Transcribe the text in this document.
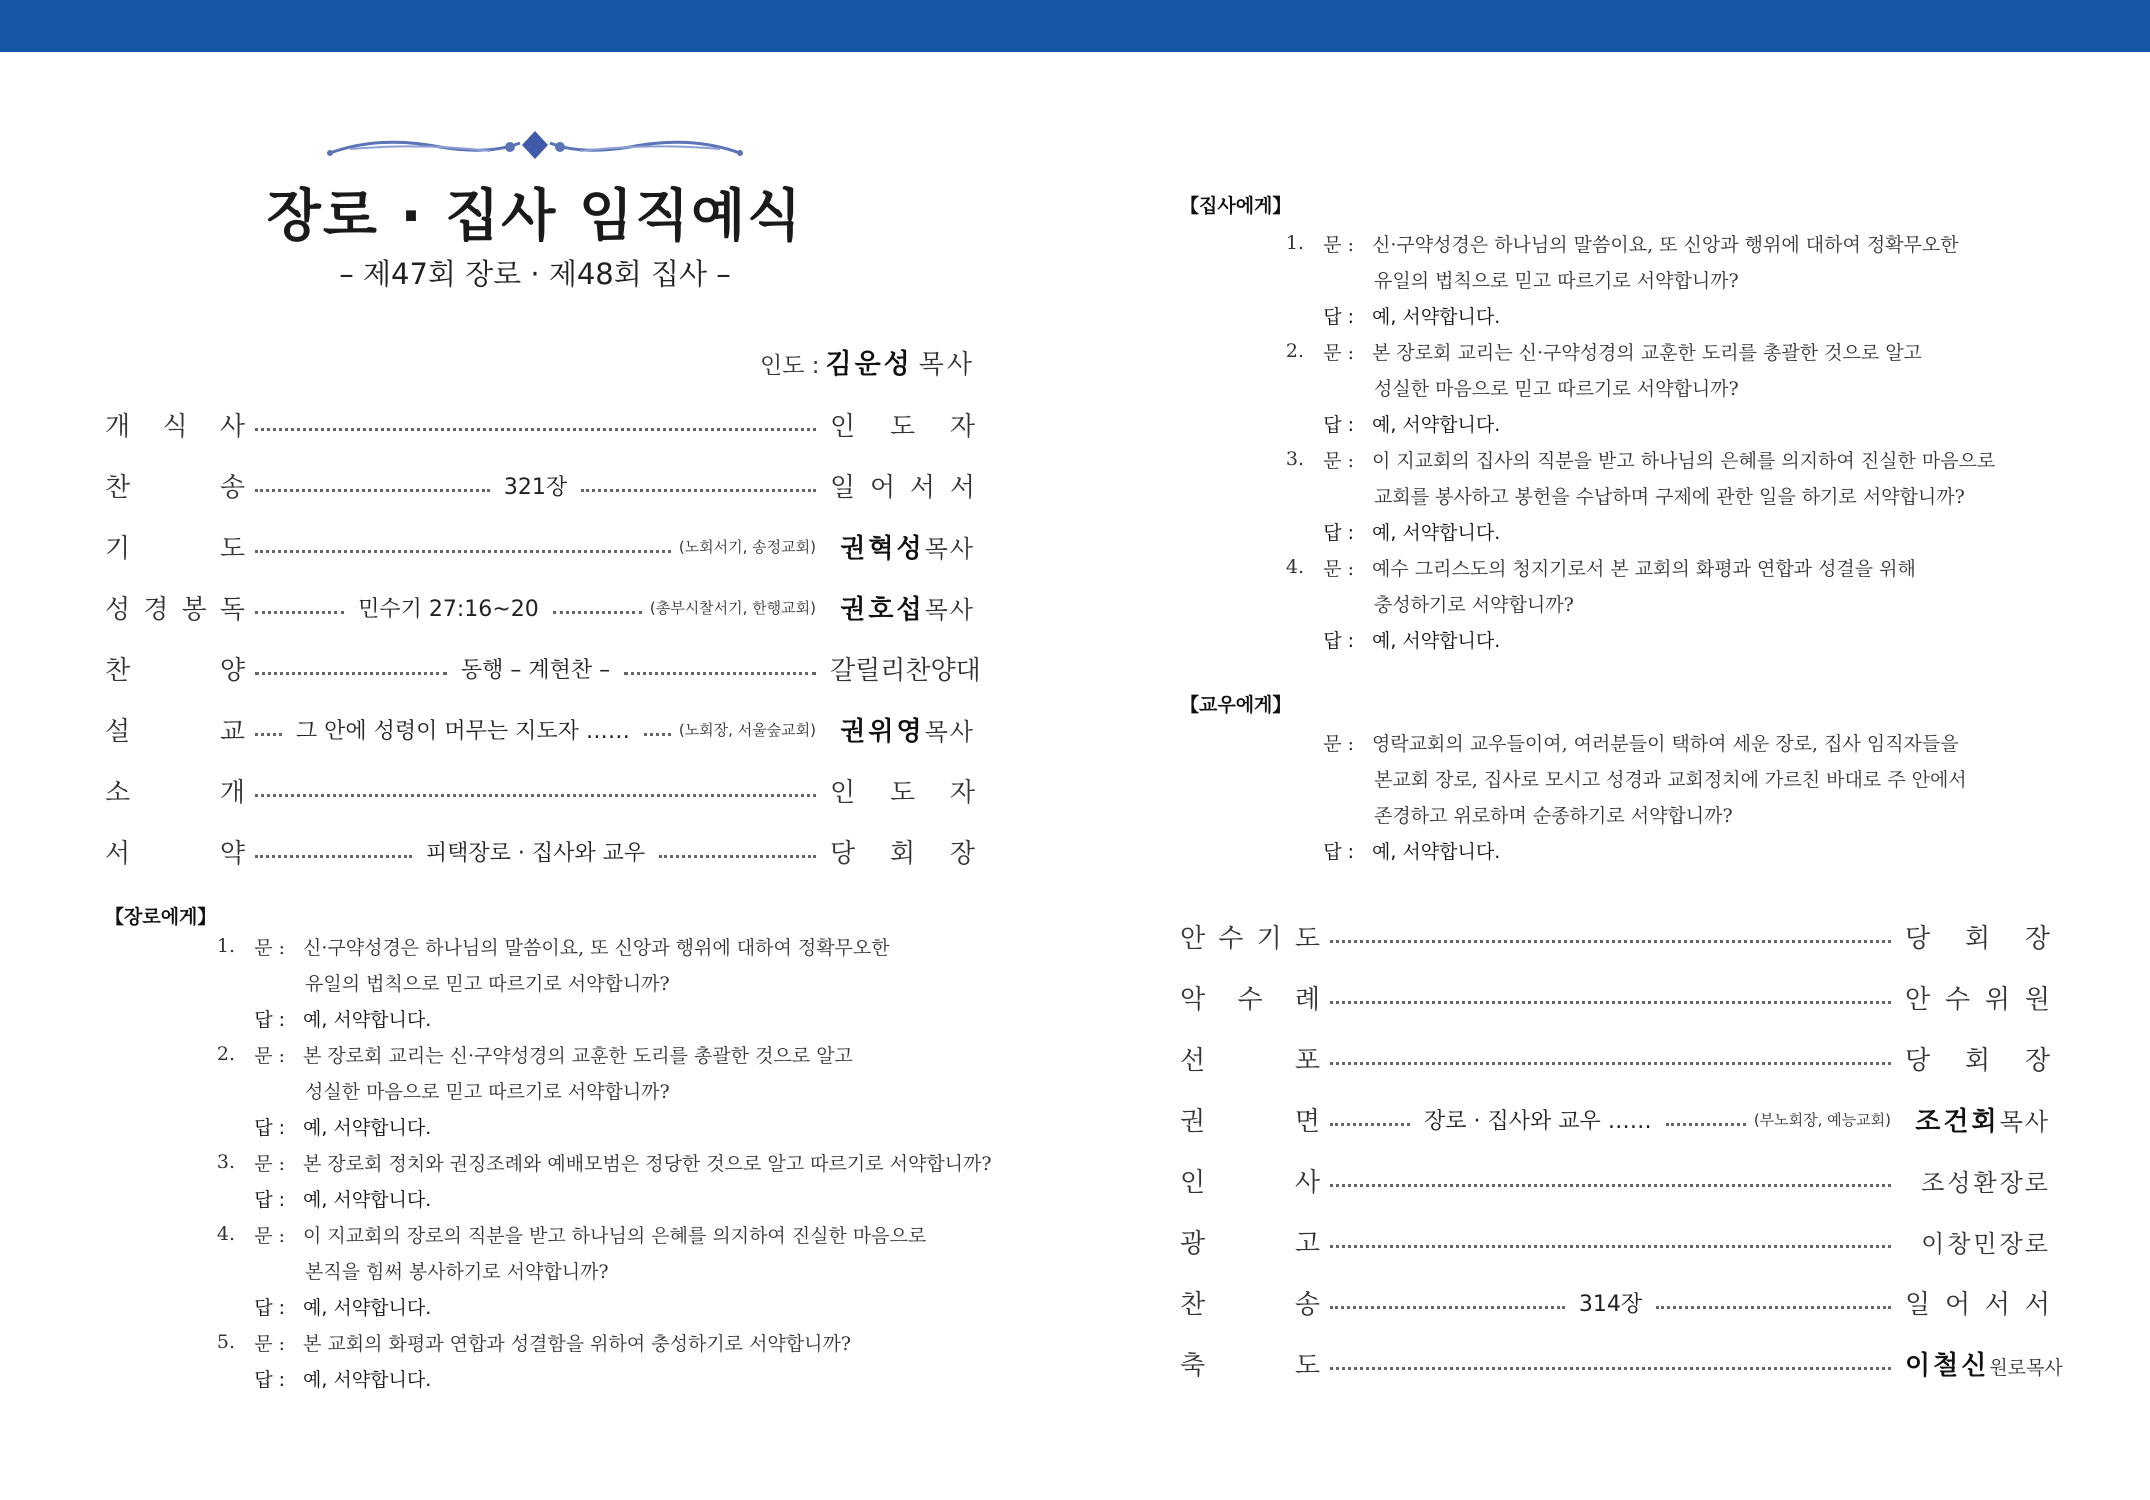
장로 · 집사 임직예식
– 제47회 장로 · 제48회 집사 –
인도 : 김운성 목사
개 식 사	인 도 자
찬	송	321장	일 어 서 서
기	도	(노회서기, 송정교회) 권혁성목사
성 경 봉 독	민수기 27:16~20	(총부시찰서기, 한행교회) 권호섭목사
찬	양	동행 – 계현찬 –	갈릴리찬양대
설	교	그 안에 성령이 머무는 지도자 ……	(노회장, 서울숲교회) 권위영목사
소	개	인 도 자
서	약	피택장로 · 집사와 교우	당 회 장
【장로에게】
1.	문 : 신·구약성경은 하나님의 말씀이요, 또 신앙과 행위에 대하여 정확무오한
유일의 법칙으로 믿고 따르기로 서약합니까?
답 : 예, 서약합니다.
2.	문 : 본 장로회 교리는 신·구약성경의 교훈한 도리를 총괄한 것으로 알고
성실한 마음으로 믿고 따르기로 서약합니까?
답 : 예, 서약합니다.
3.	문 : 본 장로회 정치와 권징조례와 예배모범은 정당한 것으로 알고 따르기로 서약합니까?
답 : 예, 서약합니다.
4.	문 : 이 지교회의 장로의 직분을 받고 하나님의 은혜를 의지하여 진실한 마음으로
본직을 힘써 봉사하기로 서약합니까?
답 : 예, 서약합니다.
5.	문 : 본 교회의 화평과 연합과 성결함을 위하여 충성하기로 서약합니까?
답 : 예, 서약합니다.
【집사에게】
1.	문 : 신·구약성경은 하나님의 말씀이요, 또 신앙과 행위에 대하여 정확무오한
유일의 법칙으로 믿고 따르기로 서약합니까?
답 : 예, 서약합니다.
2.	문 : 본 장로회 교리는 신·구약성경의 교훈한 도리를 총괄한 것으로 알고
성실한 마음으로 믿고 따르기로 서약합니까?
답 : 예, 서약합니다.
3.	문 : 이 지교회의 집사의 직분을 받고 하나님의 은혜를 의지하여 진실한 마음으로
교회를 봉사하고 봉헌을 수납하며 구제에 관한 일을 하기로 서약합니까?
답 : 예, 서약합니다.
4.	문 : 예수 그리스도의 청지기로서 본 교회의 화평과 연합과 성결을 위해
충성하기로 서약합니까?
답 : 예, 서약합니다.
【교우에게】
문 : 영락교회의 교우들이여, 여러분들이 택하여 세운 장로, 집사 임직자들을
본교회 장로, 집사로 모시고 성경과 교회정치에 가르친 바대로 주 안에서
존경하고 위로하며 순종하기로 서약합니까?
답 : 예, 서약합니다.
안 수 기 도	당 회 장
악 수 례	안 수 위 원
선	포	당 회 장
권	면	장로 · 집사와 교우 ……	(부노회장, 예능교회) 조건회목사
인	사	조성환장로
광	고	이창민장로
찬	송	314장	일 어 서 서
축	도	이철신원로목사
